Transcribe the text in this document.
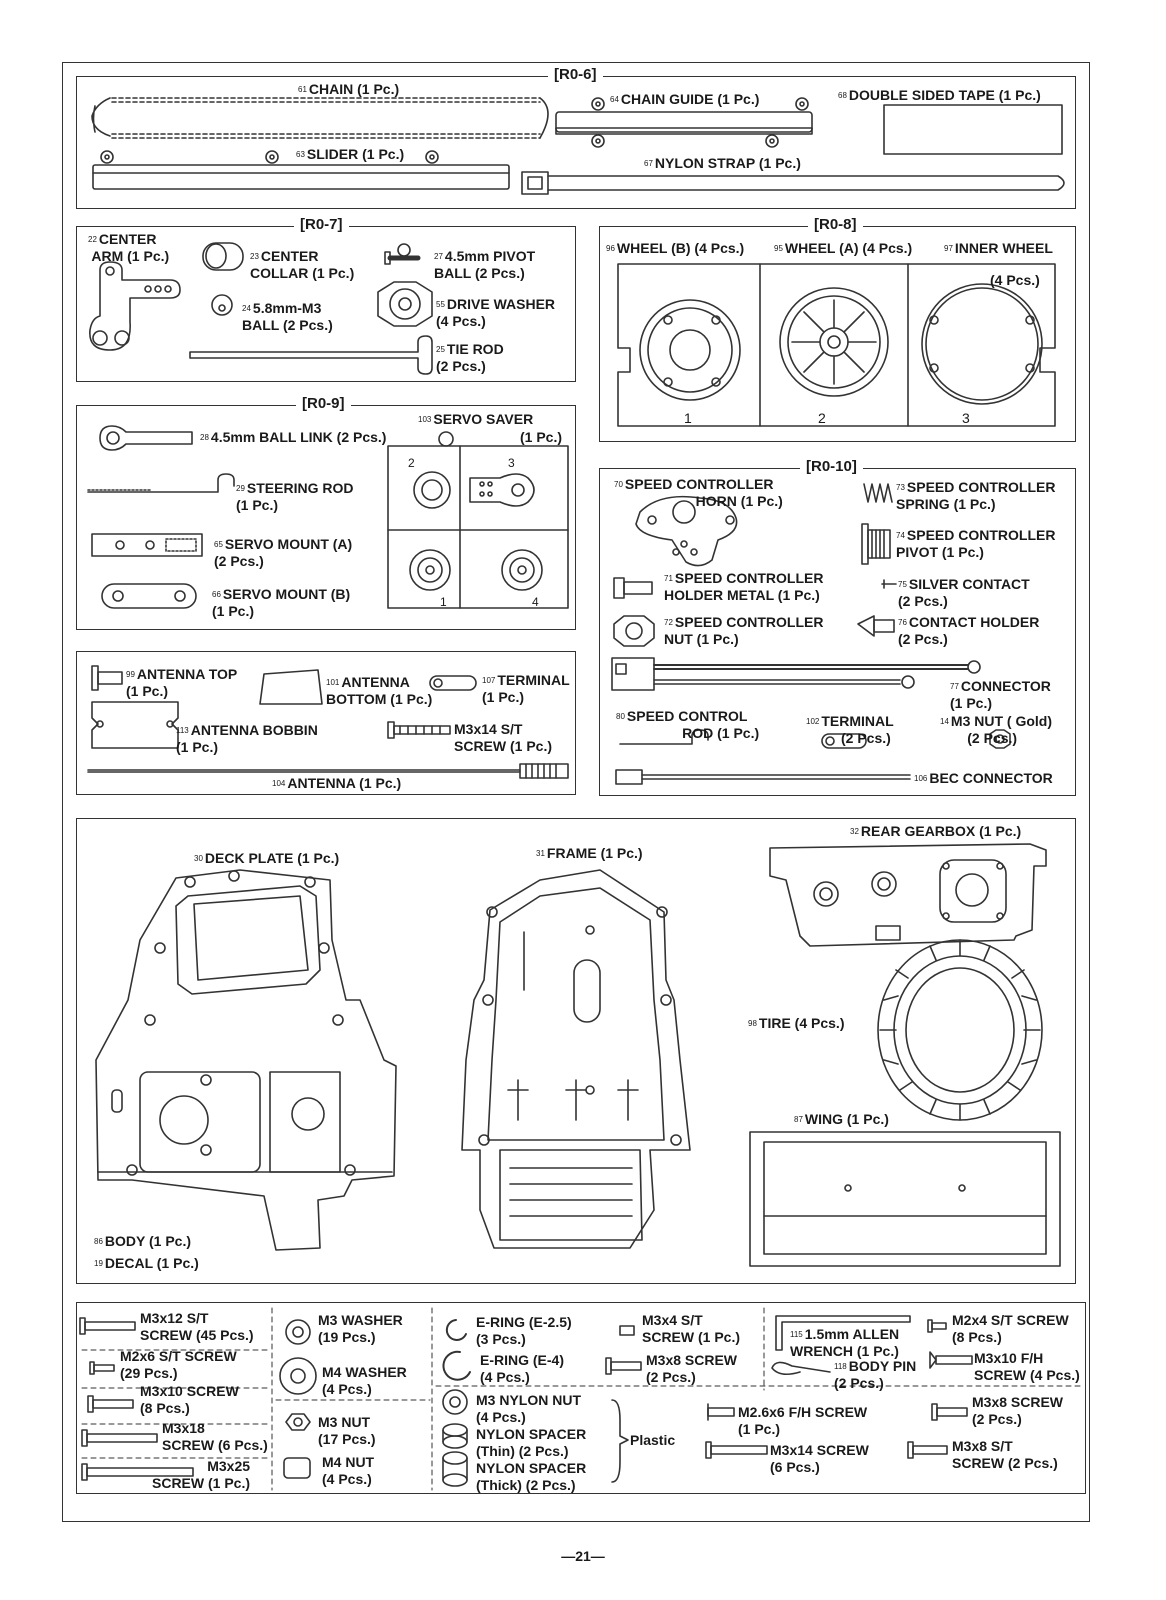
[R0-6]
[R0-7]	[R0-8]
[R0-9]
[R0-10]
61 CHAIN (1 Pc.)
64 CHAIN GUIDE (1 Pc.)	68 DOUBLE SIDED TAPE (1 Pc.)
63 SLIDER (1 Pc.)
67 NYLON STRAP (1 Pc.)
22 CENTER
ARM (1 Pc.)	23 CENTER
COLLAR (1 Pc.)
27 4.5mm PIVOT
BALL (2 Pcs.)
24 5.8mm-M3
BALL (2 Pcs.)
55 DRIVE WASHER
(4 Pcs.)
25 TIE ROD
(2 Pcs.)
96 WHEEL (B) (4 Pcs.)	95 WHEEL (A) (4 Pcs.)	97 INNER WHEEL
(4 Pcs.)
1	2	3
28 4.5mm BALL LINK (2 Pcs.)
103 SERVO SAVER
(1 Pc.)
29 STEERING ROD
(1 Pc.)
65 SERVO MOUNT (A)
(2 Pcs.)
66 SERVO MOUNT (B)
(1 Pc.)
2	3
1	4
70 SPEED CONTROLLER
HORN (1 Pc.)
73 SPEED CONTROLLER
SPRING (1 Pc.)
74 SPEED CONTROLLER
PIVOT (1 Pc.)
71 SPEED CONTROLLER
HOLDER METAL (1 Pc.)
75 SILVER CONTACT
(2 Pcs.)
72 SPEED CONTROLLER
NUT (1 Pc.)
76 CONTACT HOLDER
(2 Pcs.)
77 CONNECTOR
(1 Pc.)
80 SPEED CONTROL
ROD (1 Pc.)
102 TERMINAL
(2 Pcs.)
14 M3 NUT ( Gold)
(2 Pcs.)
106 BEC CONNECTOR
99 ANTENNA TOP
(1 Pc.)
101 ANTENNA
BOTTOM (1 Pc.)
107 TERMINAL
(1 Pc.)
113 ANTENNA BOBBIN
(1 Pc.)
M3x14 S/T
SCREW (1 Pc.)
104 ANTENNA (1 Pc.)
30 DECK PLATE (1 Pc.)	31 FRAME (1 Pc.)
32 REAR GEARBOX (1 Pc.)
98 TIRE (4 Pcs.)
87 WING (1 Pc.)
86 BODY (1 Pc.)
19 DECAL (1 Pc.)
M3x12 S/T
SCREW (45 Pcs.)
M2x6 S/T SCREW
(29 Pcs.)
M3x10 SCREW
(8 Pcs.)
M3x18
SCREW (6 Pcs.)
M3x25
SCREW (1 Pc.)
M3 WASHER
(19 Pcs.)
M4 WASHER
(4 Pcs.)
M3 NUT
(17 Pcs.)
M4 NUT
(4 Pcs.)
E-RING (E-2.5)
(3 Pcs.)
M3x4 S/T
SCREW (1 Pc.)
E-RING (E-4)
(4 Pcs.)
M3x8 SCREW
(2 Pcs.)
M3 NYLON NUT
(4 Pcs.)
NYLON SPACER
(Thin) (2 Pcs.)
NYLON SPACER
(Thick) (2 Pcs.)
Plastic
M2.6x6 F/H SCREW
(1 Pc.)
M3x14 SCREW
(6 Pcs.)
115 1.5mm ALLEN
WRENCH (1 Pc.)
118 BODY PIN
(2 Pcs.)
M2x4 S/T SCREW
(8 Pcs.)
M3x10 F/H
SCREW (4 Pcs.)
M3x8 SCREW
(2 Pcs.)
M3x8 S/T
SCREW (2 Pcs.)
—21—
